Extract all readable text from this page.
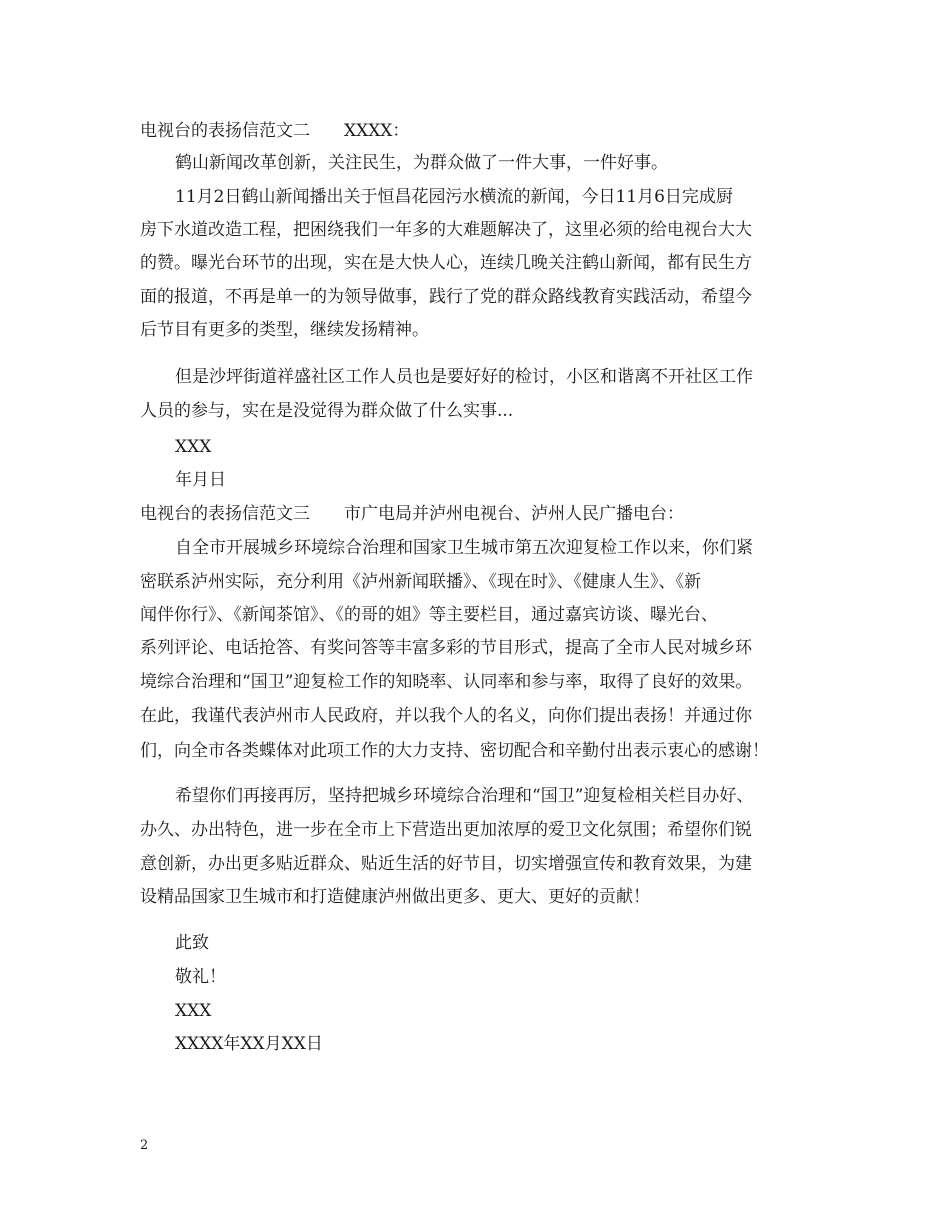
电视台的表扬信范文二　　XXXX：
鹤山新闻改革创新，关注民生，为群众做了一件大事，一件好事。
11月2日鹤山新闻播出关于恒昌花园污水横流的新闻，今日11月6日完成厨
房下水道改造工程，把困绕我们一年多的大难题解决了，这里必须的给电视台大大
的赞。曝光台环节的出现，实在是大快人心，连续几晚关注鹤山新闻，都有民生方
面的报道，不再是单一的为领导做事，践行了党的群众路线教育实践活动，希望今
后节目有更多的类型，继续发扬精神。
但是沙坪街道祥盛社区工作人员也是要好好的检讨，小区和谐离不开社区工作
人员的参与，实在是没觉得为群众做了什么实事...
XXX
年月日
电视台的表扬信范文三　　市广电局并泸州电视台、泸州人民广播电台：
自全市开展城乡环境综合治理和国家卫生城市第五次迎复检工作以来，你们紧
密联系泸州实际，充分利用《泸州新闻联播》、《现在时》、《健康人生》、《新
闻伴你行》、《新闻茶馆》、《的哥的姐》等主要栏目，通过嘉宾访谈、曝光台、
系列评论、电话抢答、有奖问答等丰富多彩的节目形式，提高了全市人民对城乡环
境综合治理和“国卫”迎复检工作的知晓率、认同率和参与率，取得了良好的效果。
在此，我谨代表泸州市人民政府，并以我个人的名义，向你们提出表扬！并通过你
们，向全市各类蝶体对此项工作的大力支持、密切配合和辛勤付出表示衷心的感谢！
希望你们再接再厉，坚持把城乡环境综合治理和“国卫”迎复检相关栏目办好、
办久、办出特色，进一步在全市上下营造出更加浓厚的爱卫文化氛围；希望你们锐
意创新，办出更多贴近群众、贴近生活的好节目，切实增强宣传和教育效果，为建
设精品国家卫生城市和打造健康泸州做出更多、更大、更好的贡献！
此致
敬礼！
XXX
XXXX年XX月XX日
2
